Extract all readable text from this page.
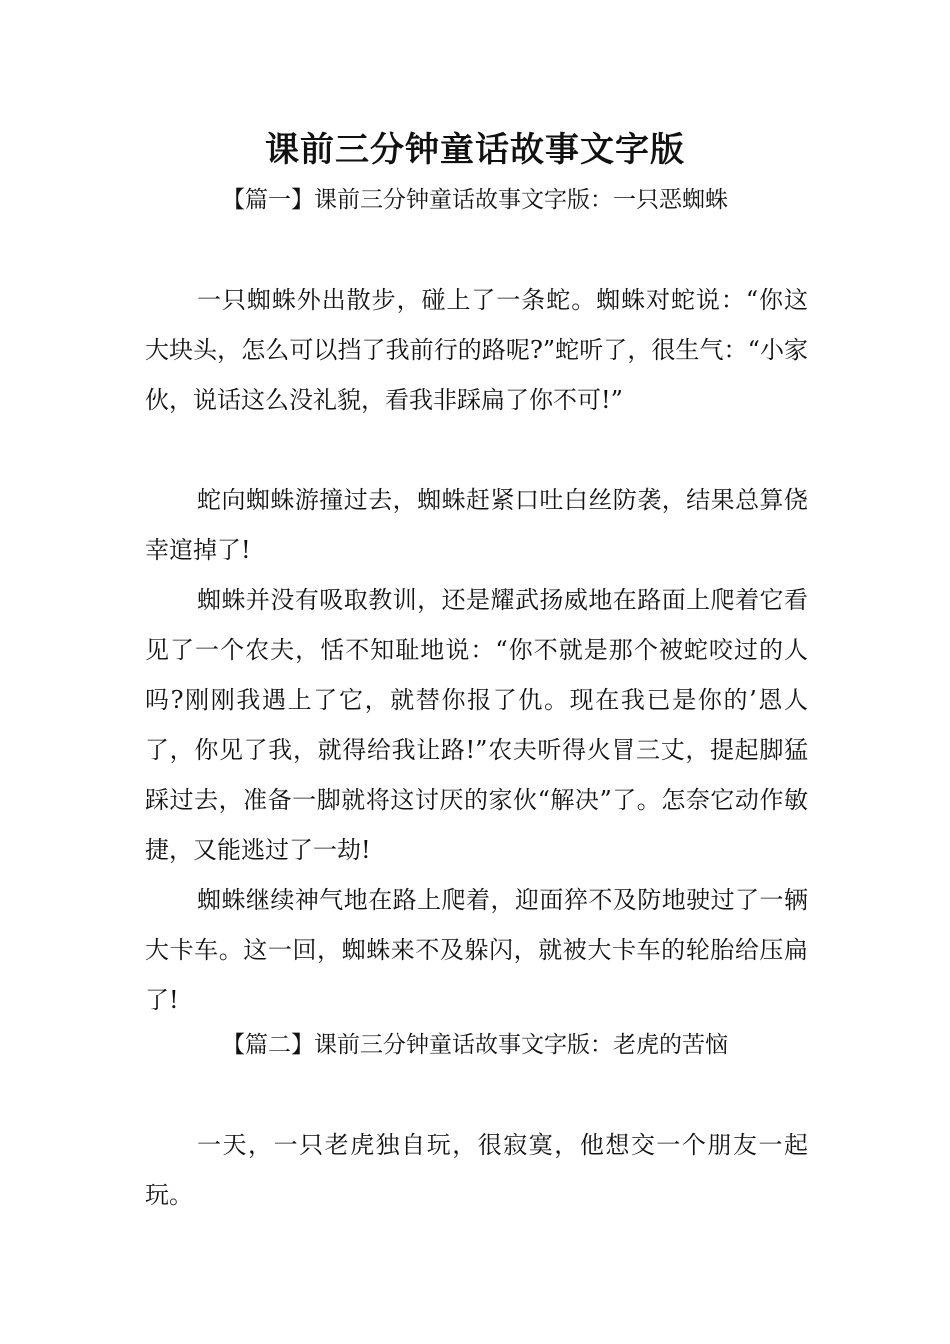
课前三分钟童话故事文字版
【篇一】课前三分钟童话故事文字版：一只恶蜘蛛

一只蜘蛛外出散步，碰上了一条蛇。蜘蛛对蛇说：“你这大块头，怎么可以挡了我前行的路呢?”蛇听了，很生气：“小家伙，说话这么没礼貌，看我非踩扁了你不可!”

蛇向蜘蛛游撞过去，蜘蛛赶紧口吐白丝防袭，结果总算侥幸逭掉了!

蜘蛛并没有吸取教训，还是耀武扬威地在路面上爬着它看见了一个农夫，恬不知耻地说：“你不就是那个被蛇咬过的人吗?刚刚我遇上了它，就替你报了仇。现在我已是你的’恩人了，你见了我，就得给我让路!”农夫听得火冒三丈，提起脚猛踩过去，准备一脚就将这讨厌的家伙“解决”了。怎奈它动作敏捷，又能逃过了一劫!

蜘蛛继续神气地在路上爬着，迎面猝不及防地驶过了一辆大卡车。这一回，蜘蛛来不及躲闪，就被大卡车的轮胎给压扁了!

【篇二】课前三分钟童话故事文字版：老虎的苦恼

一天，一只老虎独自玩，很寂寞，他想交一个朋友一起玩。
